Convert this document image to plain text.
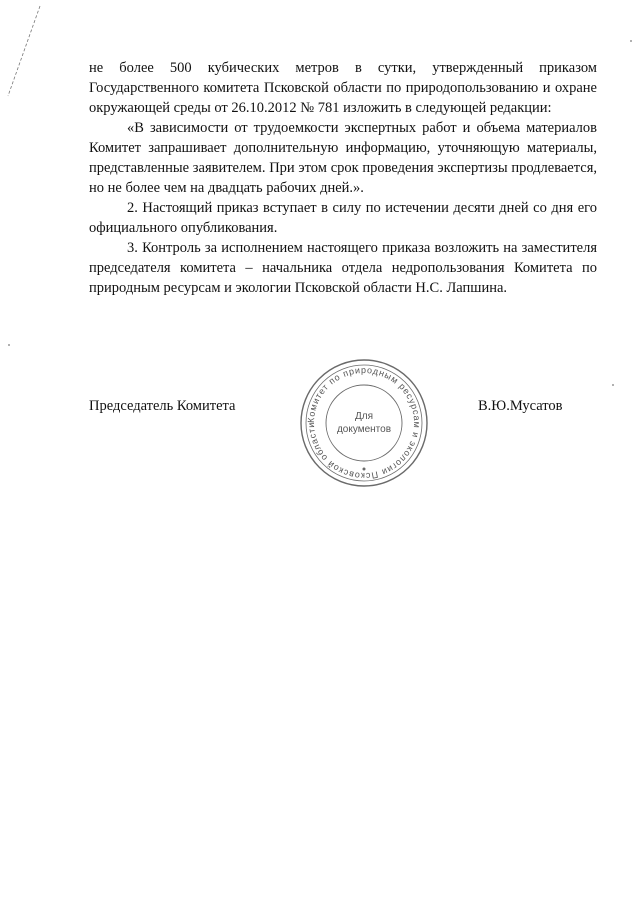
не более 500 кубических метров в сутки, утвержденный приказом Государственного комитета Псковской области по природопользованию и охране окружающей среды от 26.10.2012 № 781 изложить в следующей редакции:

«В зависимости от трудоемкости экспертных работ и объема материалов Комитет запрашивает дополнительную информацию, уточняющую материалы, представленные заявителем. При этом срок проведения экспертизы продлевается, но не более чем на двадцать рабочих дней.».

2. Настоящий приказ вступает в силу по истечении десяти дней со дня его официального опубликования.

3. Контроль за исполнением настоящего приказа возложить на заместителя председателя комитета – начальника отдела недропользования Комитета по природным ресурсам и экологии Псковской области Н.С. Лапшина.

Председатель Комитета
Комитет по природным ресурсам и экологии Псковской области
Для
документов
В.Ю.Мусатов
